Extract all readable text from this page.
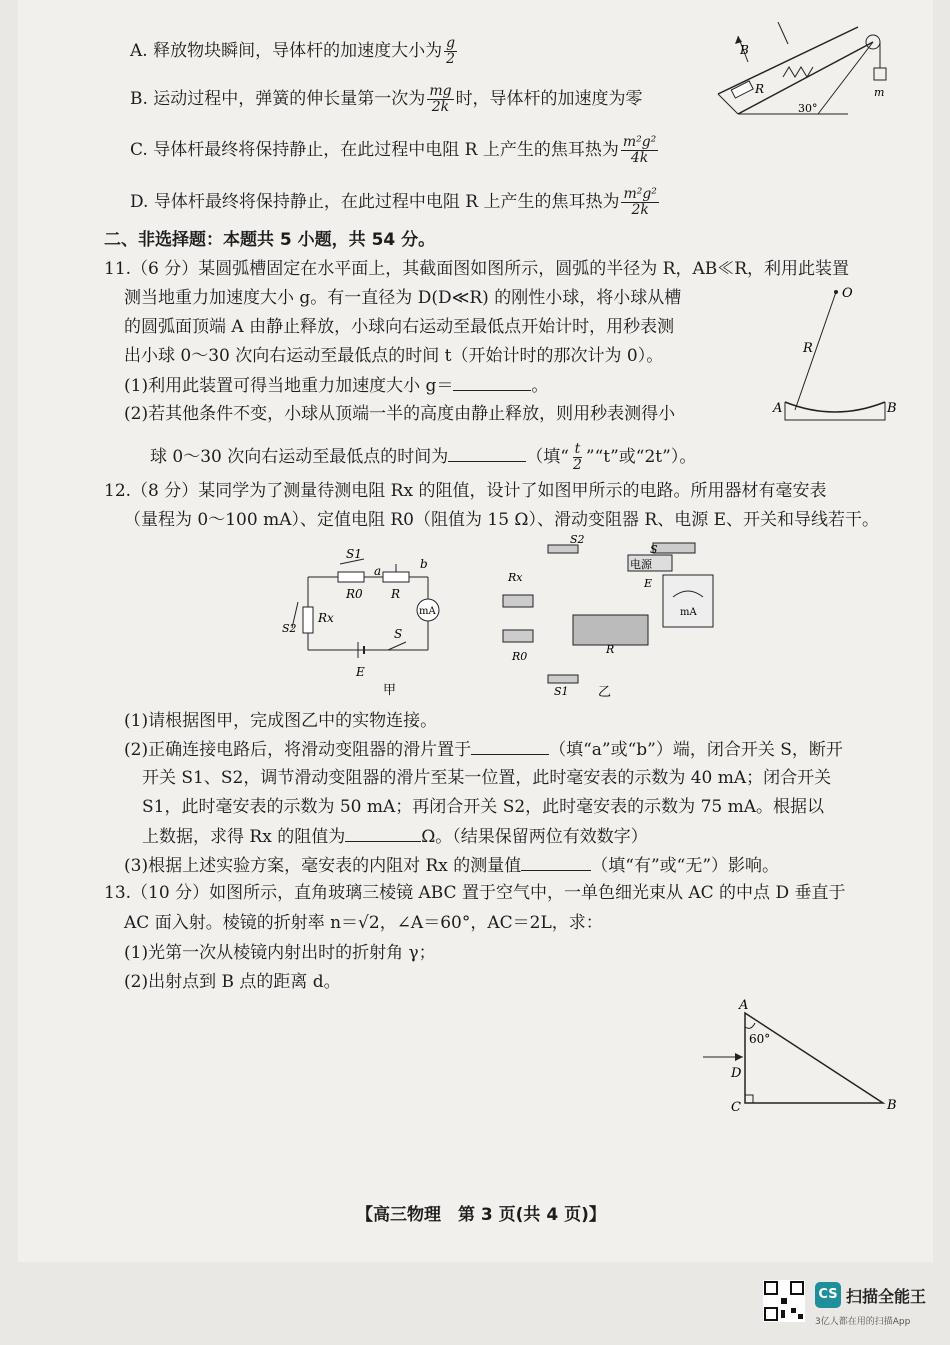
A. 释放物块瞬间，导体杆的加速度大小为 $\frac{g}{2}$
B. 运动过程中，弹簧的伸长量第一次为 $\frac{mg}{2k}$ 时，导体杆的加速度为零
C. 导体杆最终将保持静止，在此过程中电阻 R 上产生的焦耳热为 $\frac{\text{m²g²}}{4k}$
D. 导体杆最终将保持静止，在此过程中电阻 R 上产生的焦耳热为 $\frac{\text{m²g²}}{2k}$
B
R
30°
m
二、非选择题：本题共 5 小题，共 54 分。
11.（6 分）某圆弧槽固定在水平面上，其截面图如图所示，圆弧的半径为 R，AB≪R，利用此装置
测当地重力加速度大小 g。有一直径为 D(D≪R) 的刚性小球，将小球从槽
的圆弧面顶端 A 由静止释放，小球向右运动至最低点开始计时，用秒表测
出小球 0～30 次向右运动至最低点的时间 t（开始计时的那次计为 0）。
(1)利用此装置可得当地重力加速度大小 g＝	。
(2)若其他条件不变，小球从顶端一半的高度由静止释放，则用秒表测得小
球 0～30 次向右运动至最低点的时间为	（填“ $\frac{t}{2}$ ”“t”或“2t”）。
O
R
A	B
12.（8 分）某同学为了测量待测电阻 Rx 的阻值，设计了如图甲所示的电路。所用器材有毫安表
（量程为 0～100 mA）、定值电阻 R0（阻值为 15 Ω）、滑动变阻器 R、电源 E、开关和导线若干。
S1
a	b
R0 R
Rx
S2
mA
S
E
甲
S2
S
电源
E
Rx
R0
R
S1
mA
乙
(1)请根据图甲，完成图乙中的实物连接。
(2)正确连接电路后，将滑动变阻器的滑片置于	（填“a”或“b”）端，闭合开关 S，断开
开关 S1、S2，调节滑动变阻器的滑片至某一位置，此时毫安表的示数为 40 mA；闭合开关
S1，此时毫安表的示数为 50 mA；再闭合开关 S2，此时毫安表的示数为 75 mA。根据以
上数据，求得 Rx 的阻值为	Ω。（结果保留两位有效数字）
(3)根据上述实验方案，毫安表的内阻对 Rx 的测量值	（填“有”或“无”）影响。
13.（10 分）如图所示，直角玻璃三棱镜 ABC 置于空气中，一单色细光束从 AC 的中点 D 垂直于
AC 面入射。棱镜的折射率 n＝√2，∠A＝60°，AC＝2L，求：
(1)光第一次从棱镜内射出时的折射角 γ；
(2)出射点到 B 点的距离 d。
A
60°
D
C	B
【高三物理　第 3 页(共 4 页)】
CS 扫描全能王
3亿人都在用的扫描App
